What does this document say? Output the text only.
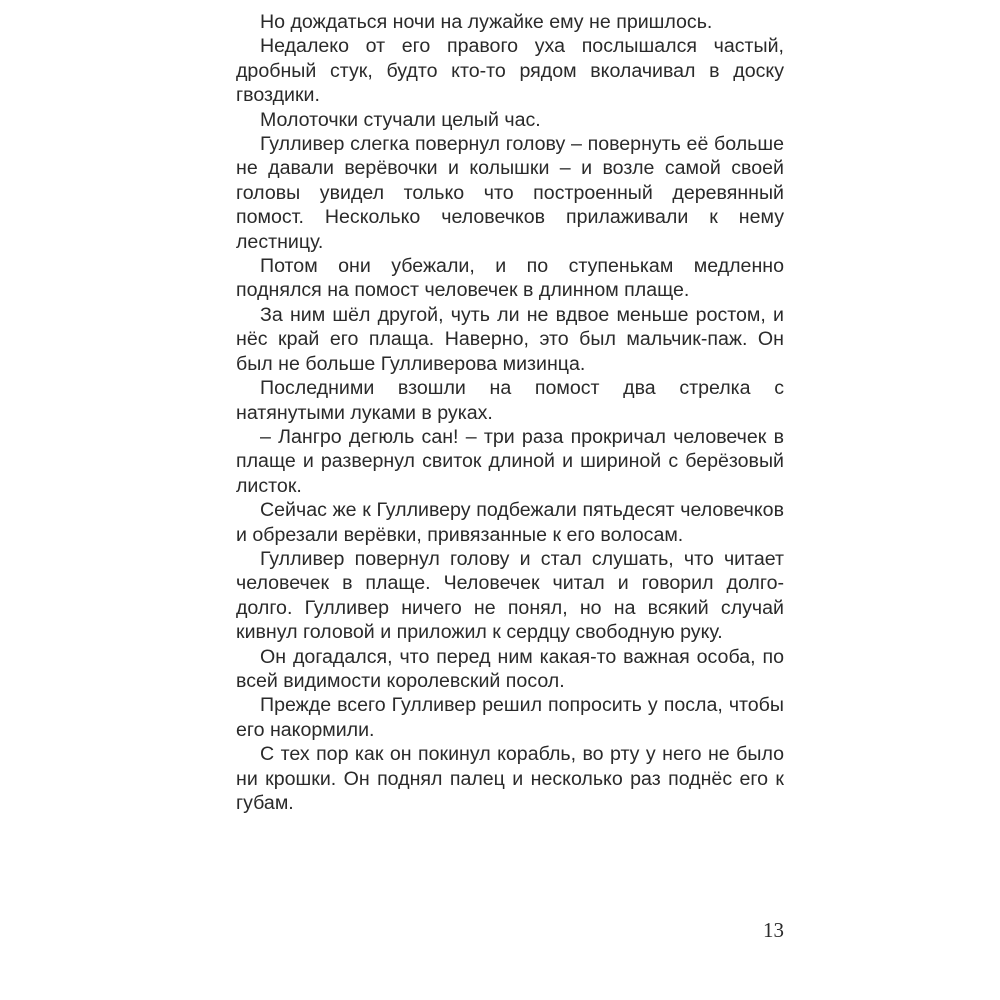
Но дождаться ночи на лужайке ему не пришлось.

Недалеко от его правого уха послышался частый, дробный стук, будто кто-то рядом вколачивал в доску гвоздики.

Молоточки стучали целый час.

Гулливер слегка повернул голову – повернуть её больше не давали верёвочки и колышки – и возле самой своей головы увидел только что построенный деревянный помост. Несколько человечков прилаживали к нему лестницу.

Потом они убежали, и по ступенькам медленно поднялся на помост человечек в длинном плаще.

За ним шёл другой, чуть ли не вдвое меньше ростом, и нёс край его плаща. Наверно, это был мальчик-паж. Он был не больше Гулливерова мизинца.

Последними взошли на помост два стрелка с натянутыми луками в руках.

– Лангро дегюль сан! – три раза прокричал человечек в плаще и развернул свиток длиной и шириной с берёзовый листок.

Сейчас же к Гулливеру подбежали пятьдесят человечков и обрезали верёвки, привязанные к его волосам.

Гулливер повернул голову и стал слушать, что читает человечек в плаще. Человечек читал и говорил долго-долго. Гулливер ничего не понял, но на всякий случай кивнул головой и приложил к сердцу свободную руку.

Он догадался, что перед ним какая-то важная особа, по всей видимости королевский посол.

Прежде всего Гулливер решил попросить у посла, чтобы его накормили.

С тех пор как он покинул корабль, во рту у него не было ни крошки. Он поднял палец и несколько раз поднёс его к губам.

13
